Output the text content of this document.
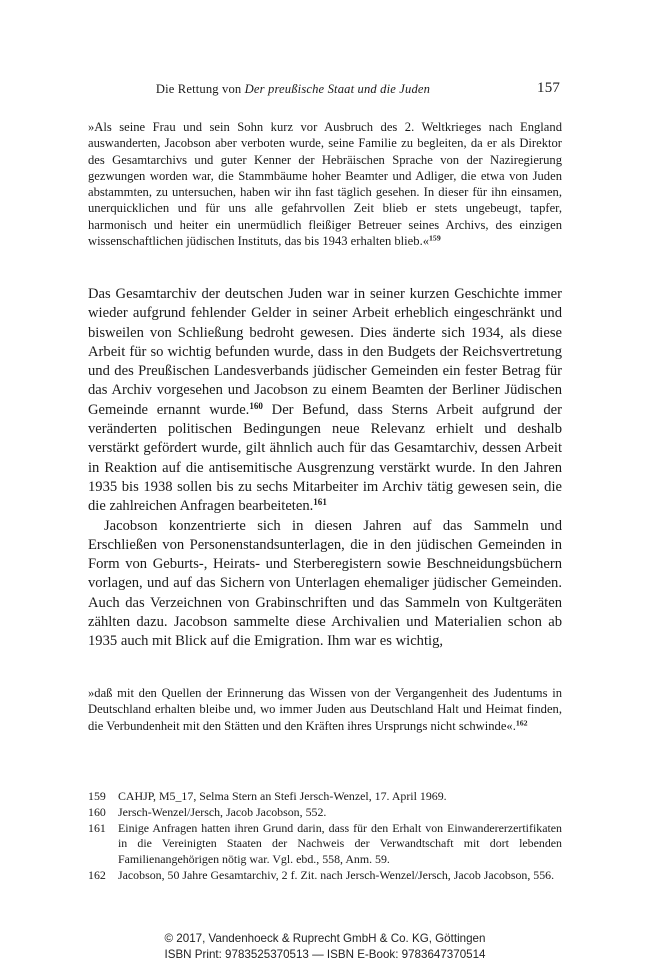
Die Rettung von Der preußische Staat und die Juden	157
»Als seine Frau und sein Sohn kurz vor Ausbruch des 2. Weltkrieges nach England auswanderten, Jacobson aber verboten wurde, seine Familie zu begleiten, da er als Direktor des Gesamtarchivs und guter Kenner der Hebräischen Sprache von der Naziregierung gezwungen worden war, die Stammbäume hoher Beamter und Adliger, die etwa von Juden abstammten, zu untersuchen, haben wir ihn fast täglich gesehen. In dieser für ihn einsamen, unerquicklichen und für uns alle gefahrvollen Zeit blieb er stets ungebeugt, tapfer, harmonisch und heiter ein unermüdlich fleißiger Betreuer seines Archivs, des einzigen wissenschaftlichen jüdischen Instituts, das bis 1943 erhalten blieb.«$^{159}$

Das Gesamtarchiv der deutschen Juden war in seiner kurzen Geschichte immer wieder aufgrund fehlender Gelder in seiner Arbeit erheblich eingeschränkt und bisweilen von Schließung bedroht gewesen. Dies änderte sich 1934, als diese Arbeit für so wichtig befunden wurde, dass in den Budgets der Reichsvertretung und des Preußischen Landesverbands jüdischer Gemeinden ein fester Betrag für das Archiv vorgesehen und Jacobson zu einem Beamten der Berliner Jüdischen Gemeinde ernannt wurde.$^{160}$ Der Befund, dass Sterns Arbeit aufgrund der veränderten politischen Bedingungen neue Relevanz erhielt und deshalb verstärkt gefördert wurde, gilt ähnlich auch für das Gesamtarchiv, dessen Arbeit in Reaktion auf die antisemitische Ausgrenzung verstärkt wurde. In den Jahren 1935 bis 1938 sollen bis zu sechs Mitarbeiter im Archiv tätig gewesen sein, die die zahlreichen Anfragen bearbeiteten.$^{161}$

Jacobson konzentrierte sich in diesen Jahren auf das Sammeln und Erschließen von Personenstandsunterlagen, die in den jüdischen Gemeinden in Form von Geburts-, Heirats- und Sterberegistern sowie Beschneidungsbüchern vorlagen, und auf das Sichern von Unterlagen ehemaliger jüdischer Gemeinden. Auch das Verzeichnen von Grabinschriften und das Sammeln von Kultgeräten zählten dazu. Jacobson sammelte diese Archivalien und Materialien schon ab 1935 auch mit Blick auf die Emigration. Ihm war es wichtig,

»daß mit den Quellen der Erinnerung das Wissen von der Vergangenheit des Judentums in Deutschland erhalten bleibe und, wo immer Juden aus Deutschland Halt und Heimat finden, die Verbundenheit mit den Stätten und den Kräften ihres Ursprungs nicht schwinde«.$^{162}$
159	CAHJP, M5_17, Selma Stern an Stefi Jersch-Wenzel, 17. April 1969.
160	Jersch-Wenzel/Jersch, Jacob Jacobson, 552.
161	Einige Anfragen hatten ihren Grund darin, dass für den Erhalt von Einwandererzertifikaten in die Vereinigten Staaten der Nachweis der Verwandtschaft mit dort lebenden Familienangehörigen nötig war. Vgl. ebd., 558, Anm. 59.
162	Jacobson, 50 Jahre Gesamtarchiv, 2 f. Zit. nach Jersch-Wenzel/Jersch, Jacob Jacobson, 556.
© 2017, Vandenhoeck & Ruprecht GmbH & Co. KG, Göttingen
ISBN Print: 9783525370513 — ISBN E-Book: 9783647370514
